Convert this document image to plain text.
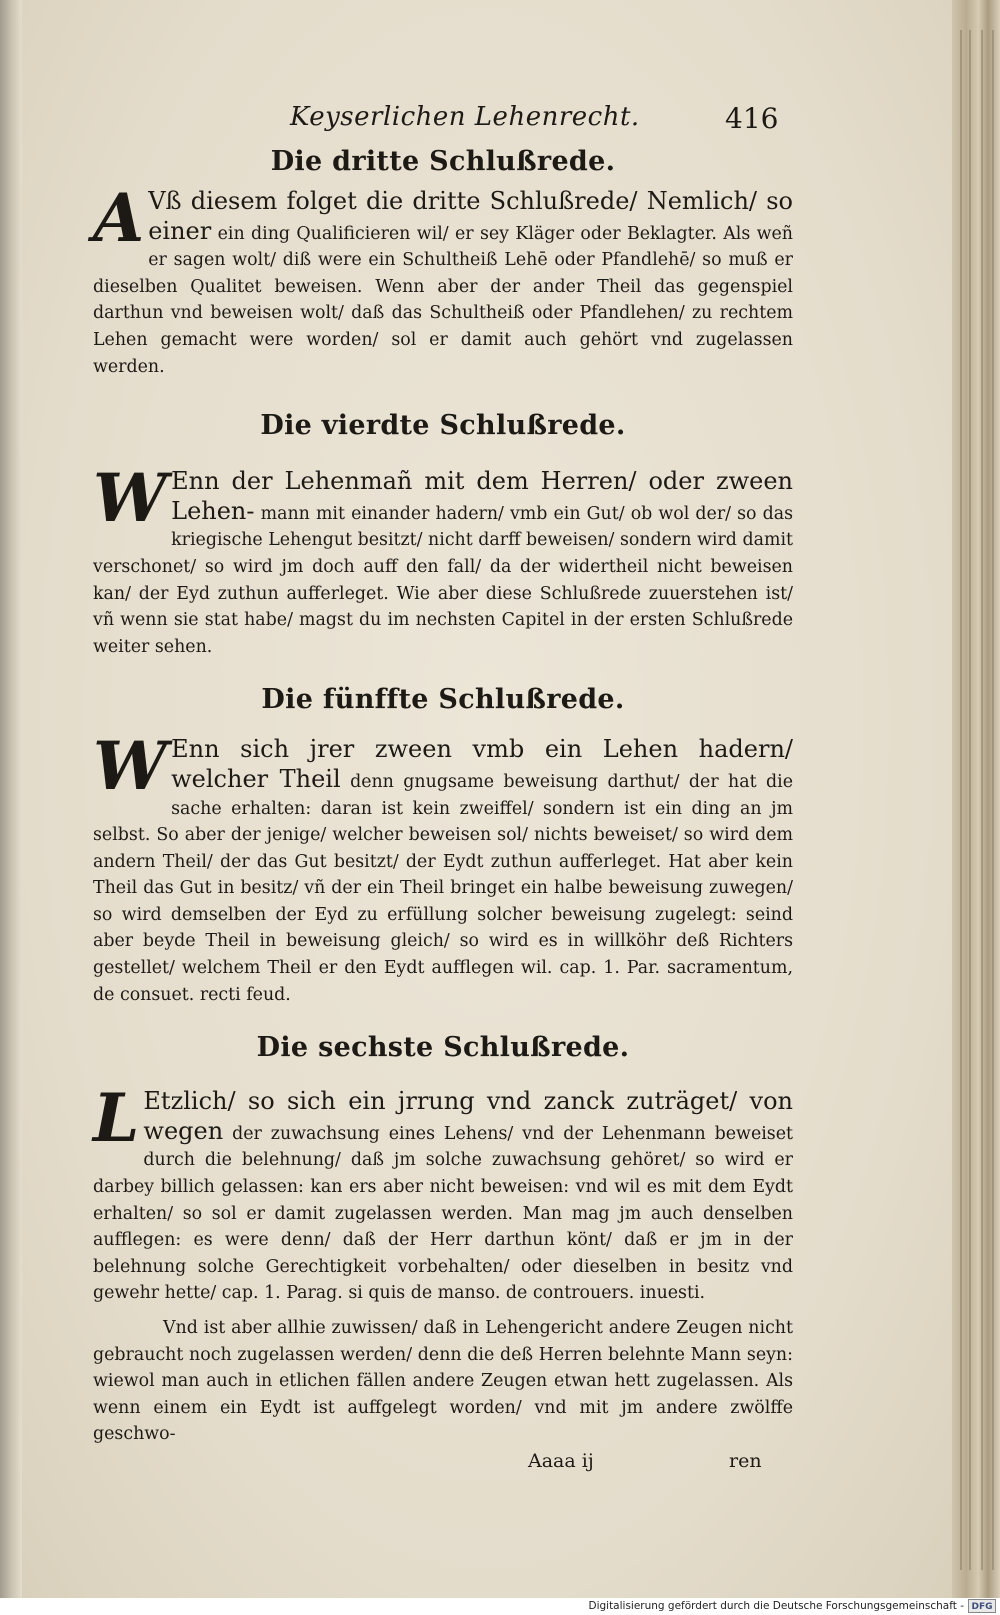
Keyserlichen Lehenrecht.	416
Die dritte Schlußrede.
A Vß diesem folget die dritte Schlußrede/ Nemlich/ so einer ein ding Qualificieren wil/ er sey Kläger oder Beklagter. Als weñ er sagen wolt/ diß were ein Schultheiß Lehē oder Pfandlehē/ so muß er dieselben Qualitet beweisen. Wenn aber der ander Theil das gegenspiel darthun vnd beweisen wolt/ daß das Schultheiß oder Pfandlehen/ zu rechtem Lehen gemacht were worden/ sol er damit auch gehört vnd zugelassen werden.
Die vierdte Schlußrede.
W Enn der Lehenmañ mit dem Herren/ oder zween Lehen- mann mit einander hadern/ vmb ein Gut/ ob wol der/ so das kriegische Lehengut besitzt/ nicht darff beweisen/ sondern wird damit verschonet/ so wird jm doch auff den fall/ da der widertheil nicht beweisen kan/ der Eyd zuthun aufferleget. Wie aber diese Schlußrede zuuerstehen ist/ vñ wenn sie stat habe/ magst du im nechsten Capitel in der ersten Schlußrede weiter sehen.
Die fünffte Schlußrede.
W Enn sich jrer zween vmb ein Lehen hadern/ welcher Theil denn gnugsame beweisung darthut/ der hat die sache erhalten: daran ist kein zweiffel/ sondern ist ein ding an jm selbst. So aber der jenige/ welcher beweisen sol/ nichts beweiset/ so wird dem andern Theil/ der das Gut besitzt/ der Eydt zuthun aufferleget. Hat aber kein Theil das Gut in besitz/ vñ der ein Theil bringet ein halbe beweisung zuwegen/ so wird demselben der Eyd zu erfüllung solcher beweisung zugelegt: seind aber beyde Theil in beweisung gleich/ so wird es in willköhr deß Richters gestellet/ welchem Theil er den Eydt aufflegen wil. cap. 1. Par. sacramentum, de consuet. recti feud.
Die sechste Schlußrede.
L Etzlich/ so sich ein jrrung vnd zanck zuträget/ von wegen der zuwachsung eines Lehens/ vnd der Lehenmann beweiset durch die belehnung/ daß jm solche zuwachsung gehöret/ so wird er darbey billich gelassen: kan ers aber nicht beweisen: vnd wil es mit dem Eydt erhalten/ so sol er damit zugelassen werden. Man mag jm auch denselben aufflegen: es were denn/ daß der Herr darthun könt/ daß er jm in der belehnung solche Gerechtigkeit vorbehalten/ oder dieselben in besitz vnd gewehr hette/ cap. 1. Parag. si quis de manso. de controuers. inuesti.
Vnd ist aber allhie zuwissen/ daß in Lehengericht andere Zeugen nicht gebraucht noch zugelassen werden/ denn die deß Herren belehnte Mann seyn: wiewol man auch in etlichen fällen andere Zeugen etwan hett zugelassen. Als wenn einem ein Eydt ist auffgelegt worden/ vnd mit jm andere zwölffe geschwo-
Aaaa ij	ren
Digitalisierung gefördert durch die Deutsche Forschungsgemeinschaft - DFG
